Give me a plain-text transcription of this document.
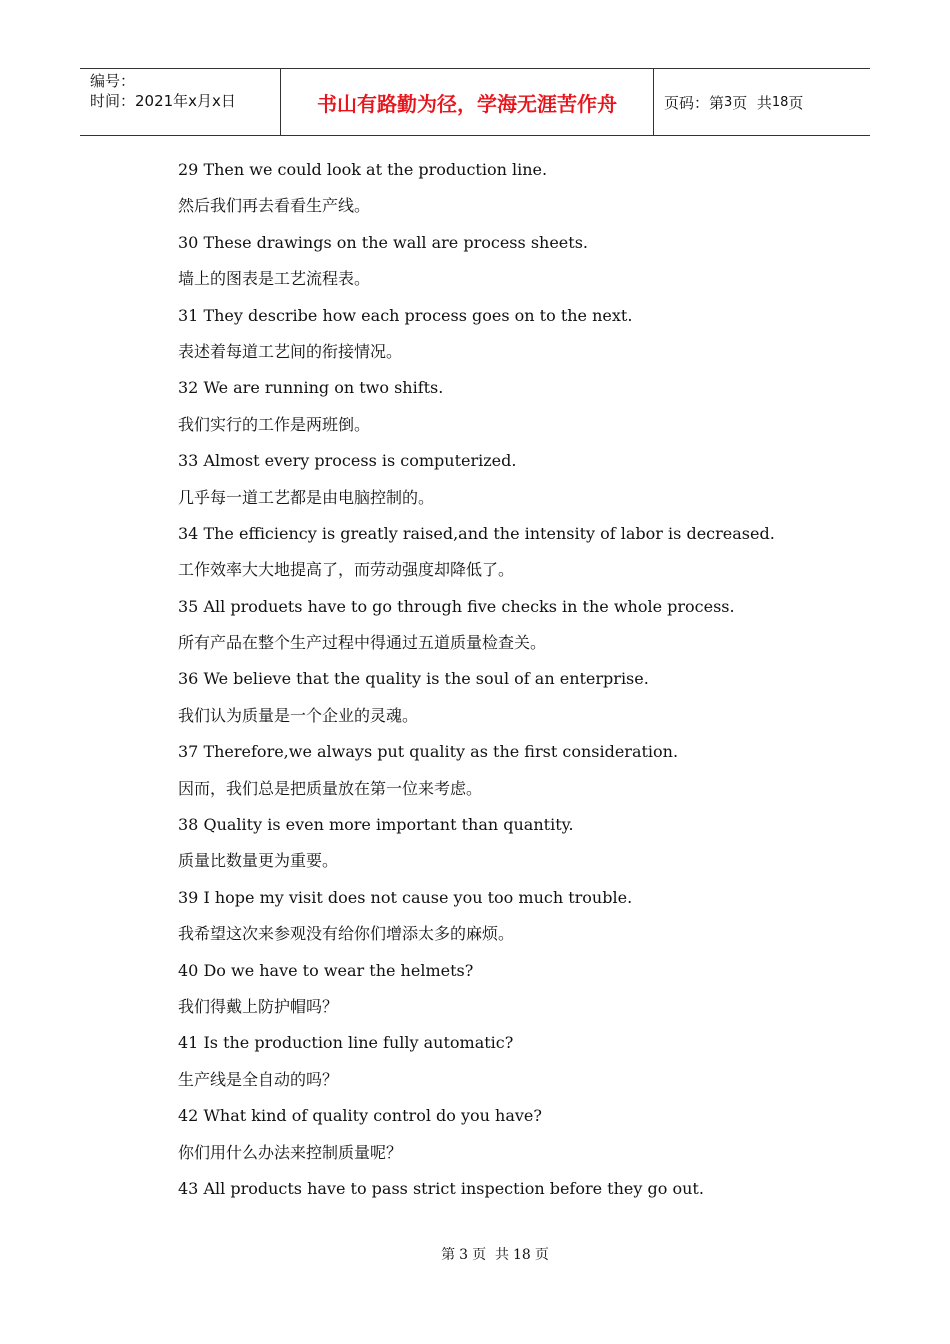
编号：
时间：2021年x月x日	书山有路勤为径，学海无涯苦作舟	页码：第 3 页  共 18 页
29 Then we could look at the production line.
然后我们再去看看生产线。
30 These drawings on the wall are process sheets.
墙上的图表是工艺流程表。
31 They describe how each process goes on to the next.
表述着每道工艺间的衔接情况。
32 We are running on two shifts.
我们实行的工作是两班倒。
33 Almost every process is computerized.
几乎每一道工艺都是由电脑控制的。
34 The efficiency is greatly raised,and the intensity of labor is decreased.
工作效率大大地提高了，而劳动强度却降低了。
35 All produets have to go through five checks in the whole process.
所有产品在整个生产过程中得通过五道质量检查关。
36 We believe that the quality is the soul of an enterprise.
我们认为质量是一个企业的灵魂。
37 Therefore,we always put quality as the first consideration.
因而，我们总是把质量放在第一位来考虑。
38 Quality is even more important than quantity.
质量比数量更为重要。
39 I hope my visit does not cause you too much trouble.
我希望这次来参观没有给你们增添太多的麻烦。
40 Do we have to wear the helmets?
我们得戴上防护帽吗？
41 Is the production line fully automatic?
生产线是全自动的吗？
42 What kind of quality control do you have?
你们用什么办法来控制质量呢？
43 All products have to pass strict inspection before they go out.
第 3 页  共 18 页
